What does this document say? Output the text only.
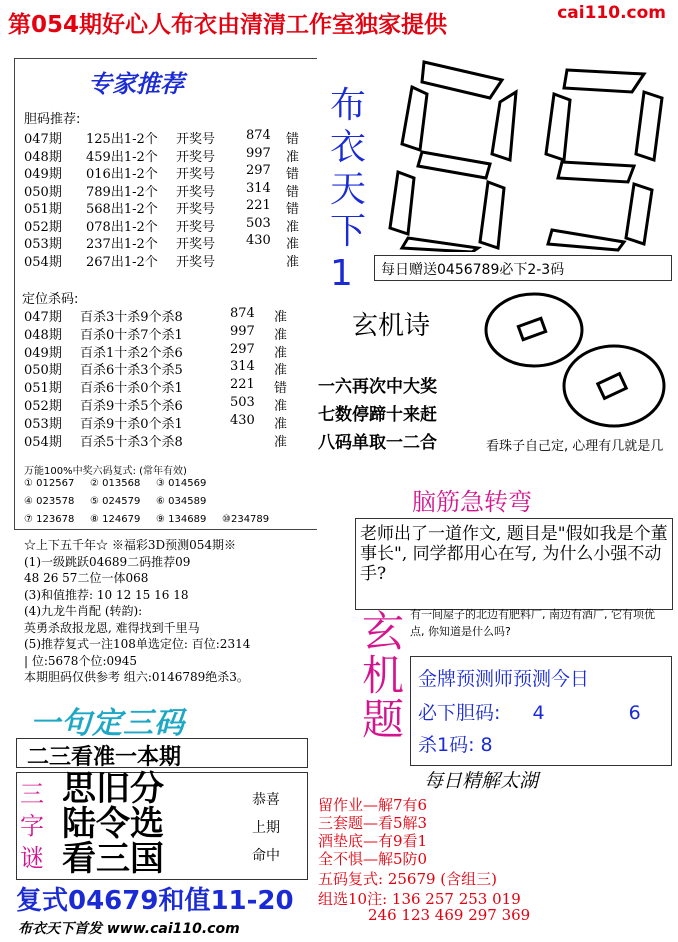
第054期好心人布衣由清清工作室独家提供	cai110.com
专家推荐
胆码推荐:
047期 125出1-2个 开奖号 874 错
048期 459出1-2个 开奖号 997 准
049期 016出1-2个 开奖号 297 错
050期 789出1-2个 开奖号 314 错
051期 568出1-2个 开奖号 221 错
052期 078出1-2个 开奖号 503 准
053期 237出1-2个 开奖号 430 准
054期 267出1-2个 开奖号	准
定位杀码:
047期 百杀3十杀9个杀8	874 准
048期 百杀0十杀7个杀1	997 准
049期 百杀1十杀2个杀6	297 准
050期 百杀6十杀3个杀5	314 准
051期 百杀6十杀0个杀1	221 错
052期 百杀9十杀5个杀6	503 准
053期 百杀9十杀0个杀1	430 准
054期 百杀5十杀3个杀8	准
万能100%中奖六码复式: (常年有效)
① 012567 ② 013568 ③ 014569
④ 023578 ⑤ 024579 ⑥ 034589
⑦ 123678 ⑧ 124679 ⑨ 134689 ⑩234789
☆上下五千年☆ ※福彩3D预测054期※
(1)一级跳跃04689二码推荐09
48 26 57二位一体068
(3)和值推荐: 10 12 15 16 18
(4)九龙牛肖配 (转韵):
英勇杀敌报龙恩, 难得找到千里马
(5)推荐复式一注108单选定位: 百位:2314
| 位:5678个位:0945
本期胆码仅供参考 组六:0146789绝杀3。
布衣天下1	每日赠送0456789必下2-3码
玄机诗
一六再次中大奖
七数停蹄十来赶
八码单取一二合	看珠子自己定, 心理有几就是几
脑筋急转弯
老师出了一道作文, 题目是"假如我是个董事长", 同学都用心在写, 为什么小强不动手?
玄机题
有一间屋子的北边有肥料厂, 南边有酒厂, 它有项优点, 你知道是什么吗?
金牌预测师预测今日
必下胆码: 4	6
杀1码: 8
每日精解太湖
留作业—解7有6
三套题—看5解3
酒垫底—有9看1
全不惧—解5防0
五码复式: 25679 (含组三)
组选10注: 136 257 253 019
246 123 469 297 369
一句定三码
二三看准一本期
三字谜
思旧分
陆令选
看三国
恭喜
上期
命中
复式04679和值11-20
布衣天下首发 www.cai110.com
